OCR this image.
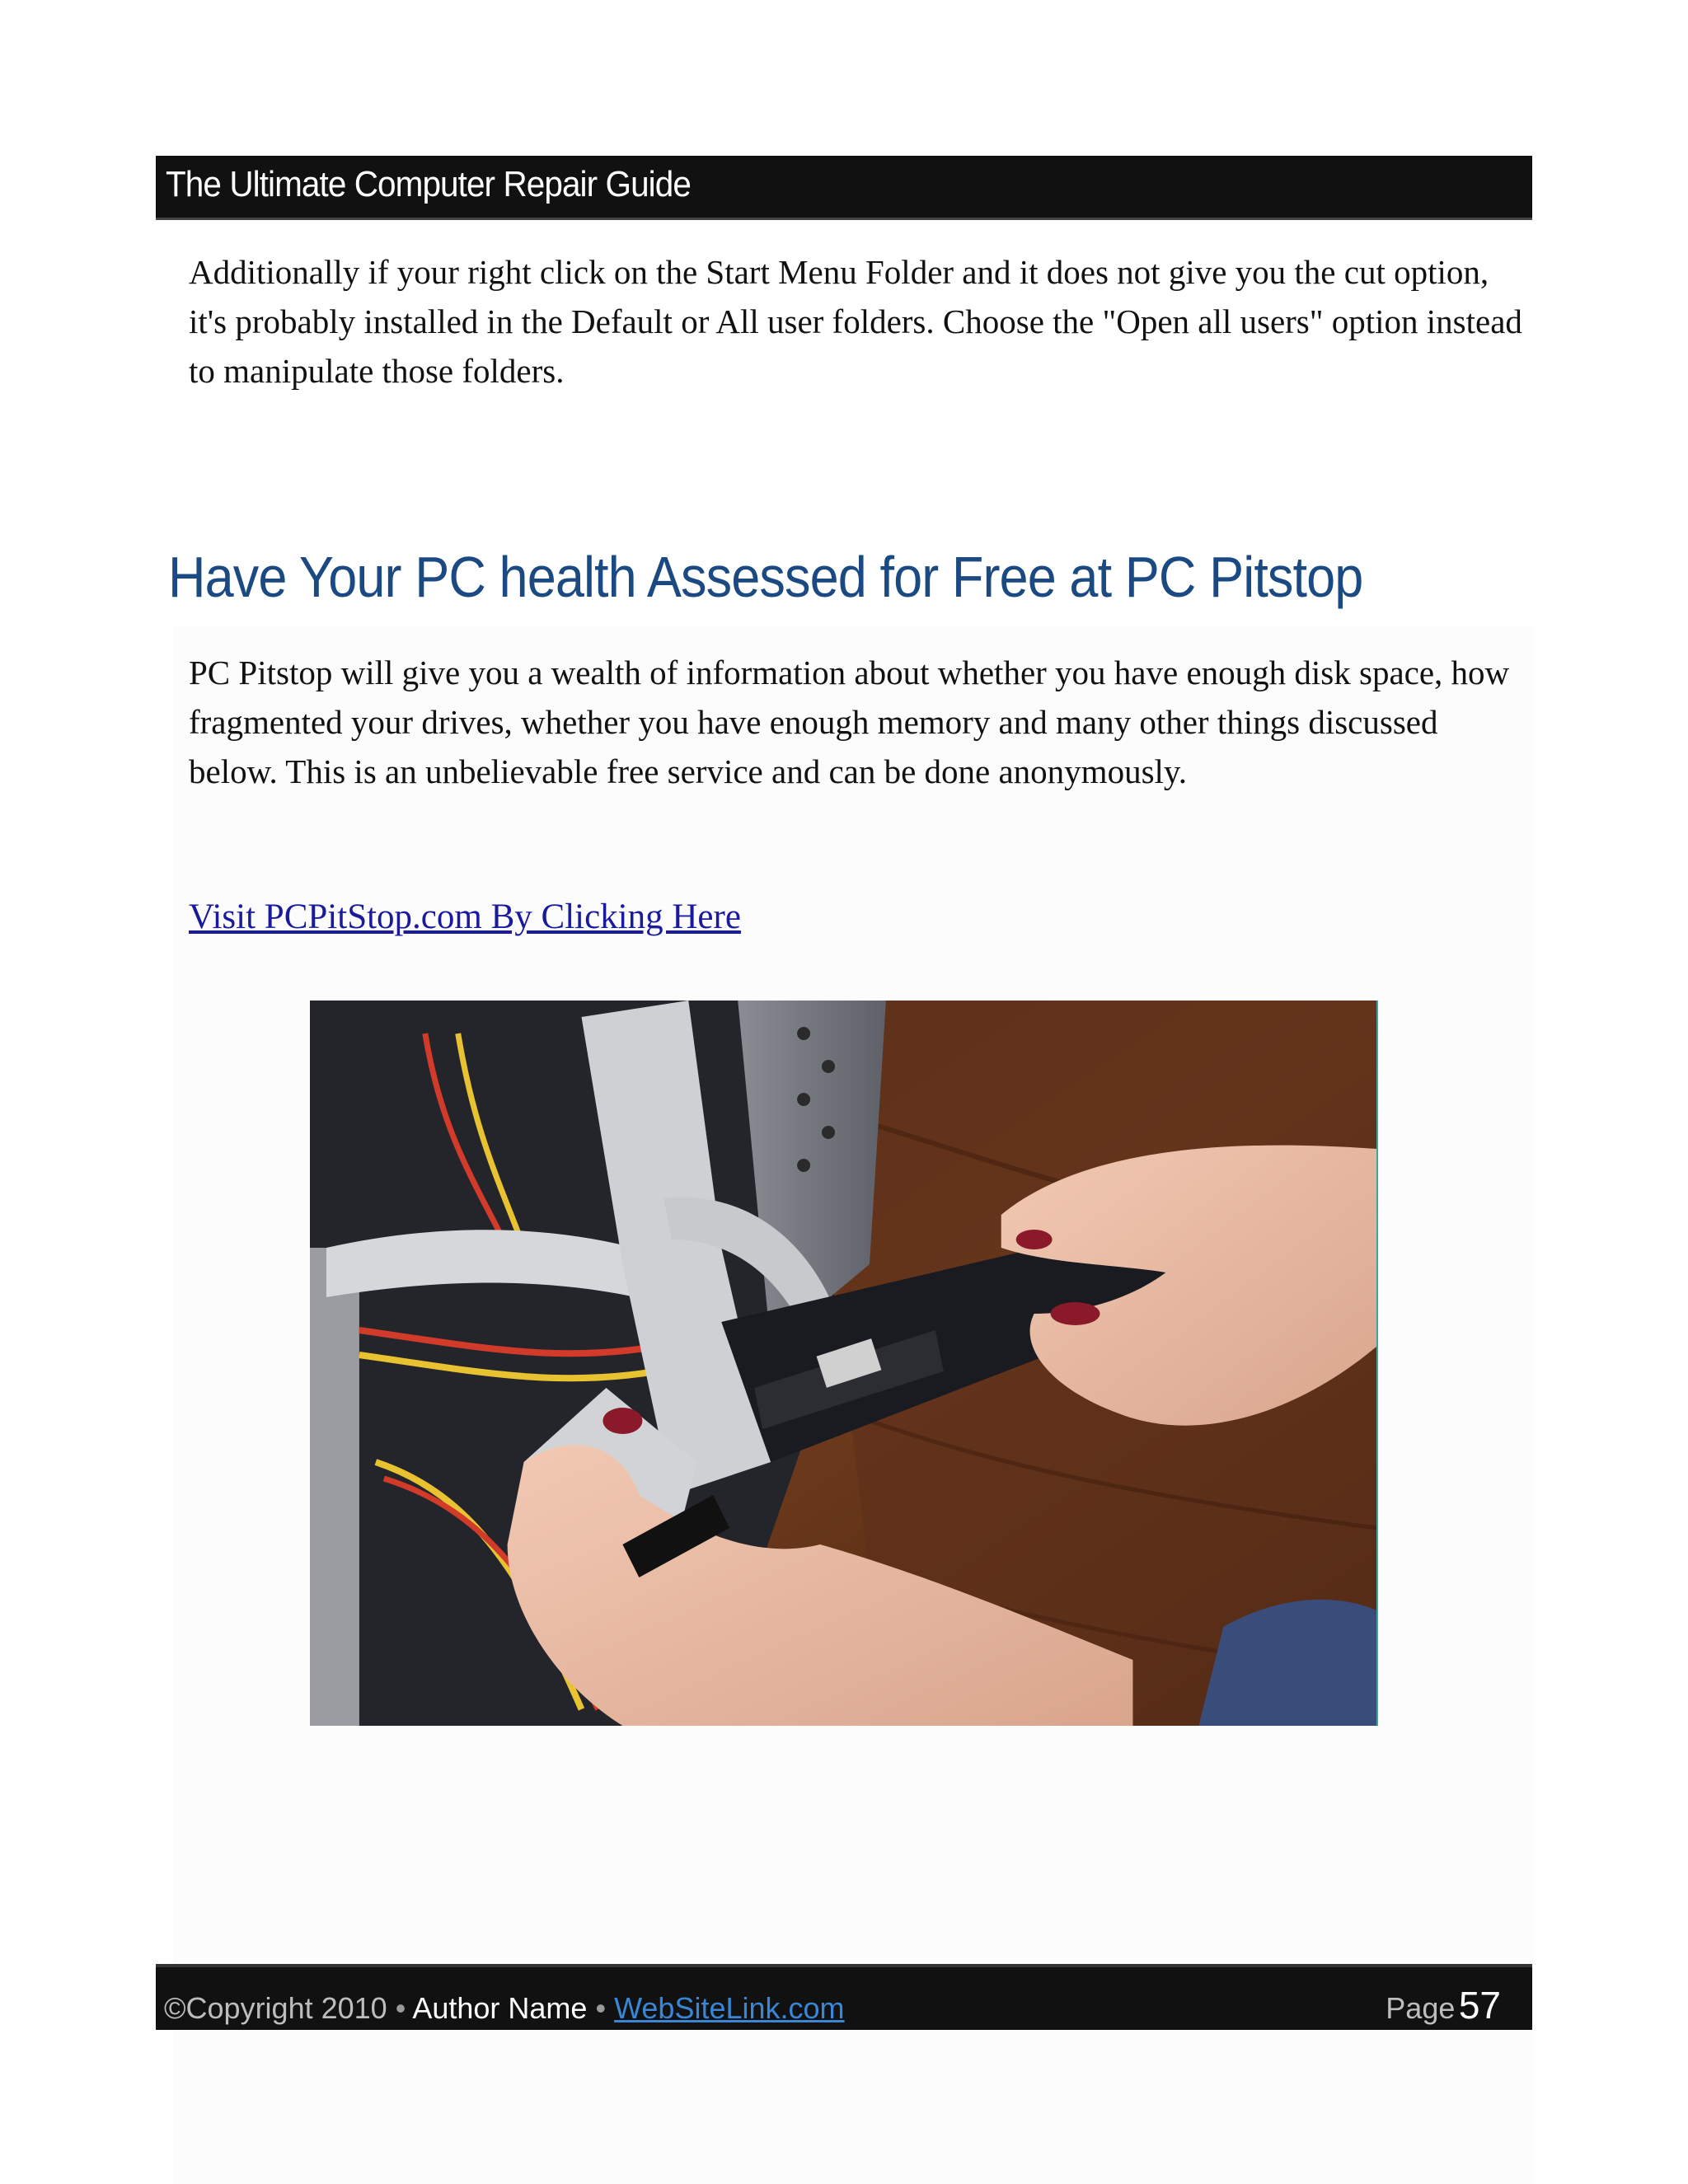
The Ultimate Computer Repair Guide

Additionally if your right click on the Start Menu Folder and it does not give you the cut option, it's probably installed in the Default or All user folders. Choose the "Open all users" option instead to manipulate those folders.

Have Your PC health Assessed for Free at PC Pitstop

PC Pitstop will give you a wealth of information about whether you have enough disk space, how fragmented your drives, whether you have enough memory and many other things discussed below. This is an unbelievable free service and can be done anonymously.

Visit PCPitStop.com By Clicking Here
©Copyright 2010 • Author Name • WebSiteLink.com	Page 57
